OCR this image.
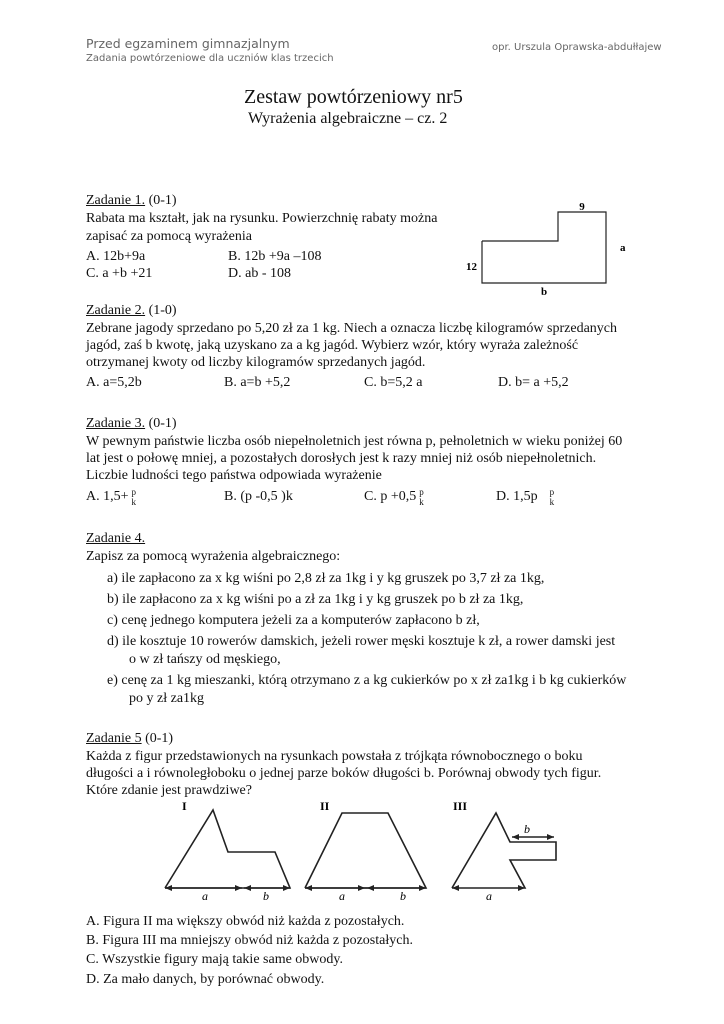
Przed egzaminem gimnazjalnym
Zadania powtórzeniowe dla uczniów klas trzecich
opr. Urszula Oprawska-abdułłajew
Zestaw powtórzeniowy nr5
Wyrażenia algebraiczne – cz. 2
Zadanie 1. (0-1)
Rabata ma kształt, jak na rysunku. Powierzchnię rabaty można
zapisać za pomocą wyrażenia
A. 12b+9a	B. 12b +9a –108
C. a +b +21	D. ab - 108
9
a
12
b
Zadanie 2. (1-0)
Zebrane jagody sprzedano po 5,20 zł za 1 kg. Niech a oznacza liczbę kilogramów sprzedanych
jagód, zaś b kwotę, jaką uzyskano za a kg jagód. Wybierz wzór, który wyraża zależność
otrzymanej kwoty od liczby kilogramów sprzedanych jagód.
A. a=5,2b	B. a=b +5,2	C. b=5,2 a	D. b= a +5,2
Zadanie 3. (0-1)
W pewnym państwie liczba osób niepełnoletnich jest równa p, pełnoletnich w wieku poniżej 60
lat jest o połowę mniej, a pozostałych dorosłych jest k razy mniej niż osób niepełnoletnich.
Liczbie ludności tego państwa odpowiada wyrażenie
A. 1,5+ p
k	B. (p -0,5 )k	C. p +0,5 p
k	D. 1,5p p
k
Zadanie 4.
Zapisz za pomocą wyrażenia algebraicznego:
a) ile zapłacono za x kg wiśni po 2,8 zł za 1kg i y kg gruszek po 3,7 zł za 1kg,
b) ile zapłacono za x kg wiśni po a zł za 1kg i y kg gruszek po b zł za 1kg,
c) cenę jednego komputera jeżeli za a komputerów zapłacono b zł,
d) ile kosztuje 10 rowerów damskich, jeżeli rower męski kosztuje k zł, a rower damski jest
o w zł tańszy od męskiego,
e) cenę za 1 kg mieszanki, którą otrzymano z a kg cukierków po x zł za1kg i b kg cukierków
po y zł za1kg
Zadanie 5 (0-1)
Każda z figur przedstawionych na rysunkach powstała z trójkąta równobocznego o boku
długości a i równoległoboku o jednej parze boków długości b. Porównaj obwody tych figur.
Które zdanie jest prawdziwe?
I	II	III
a	b	a	b	a
b
A. Figura II ma większy obwód niż każda z pozostałych.
B. Figura III ma mniejszy obwód niż każda z pozostałych.
C. Wszystkie figury mają takie same obwody.
D. Za mało danych, by porównać obwody.
